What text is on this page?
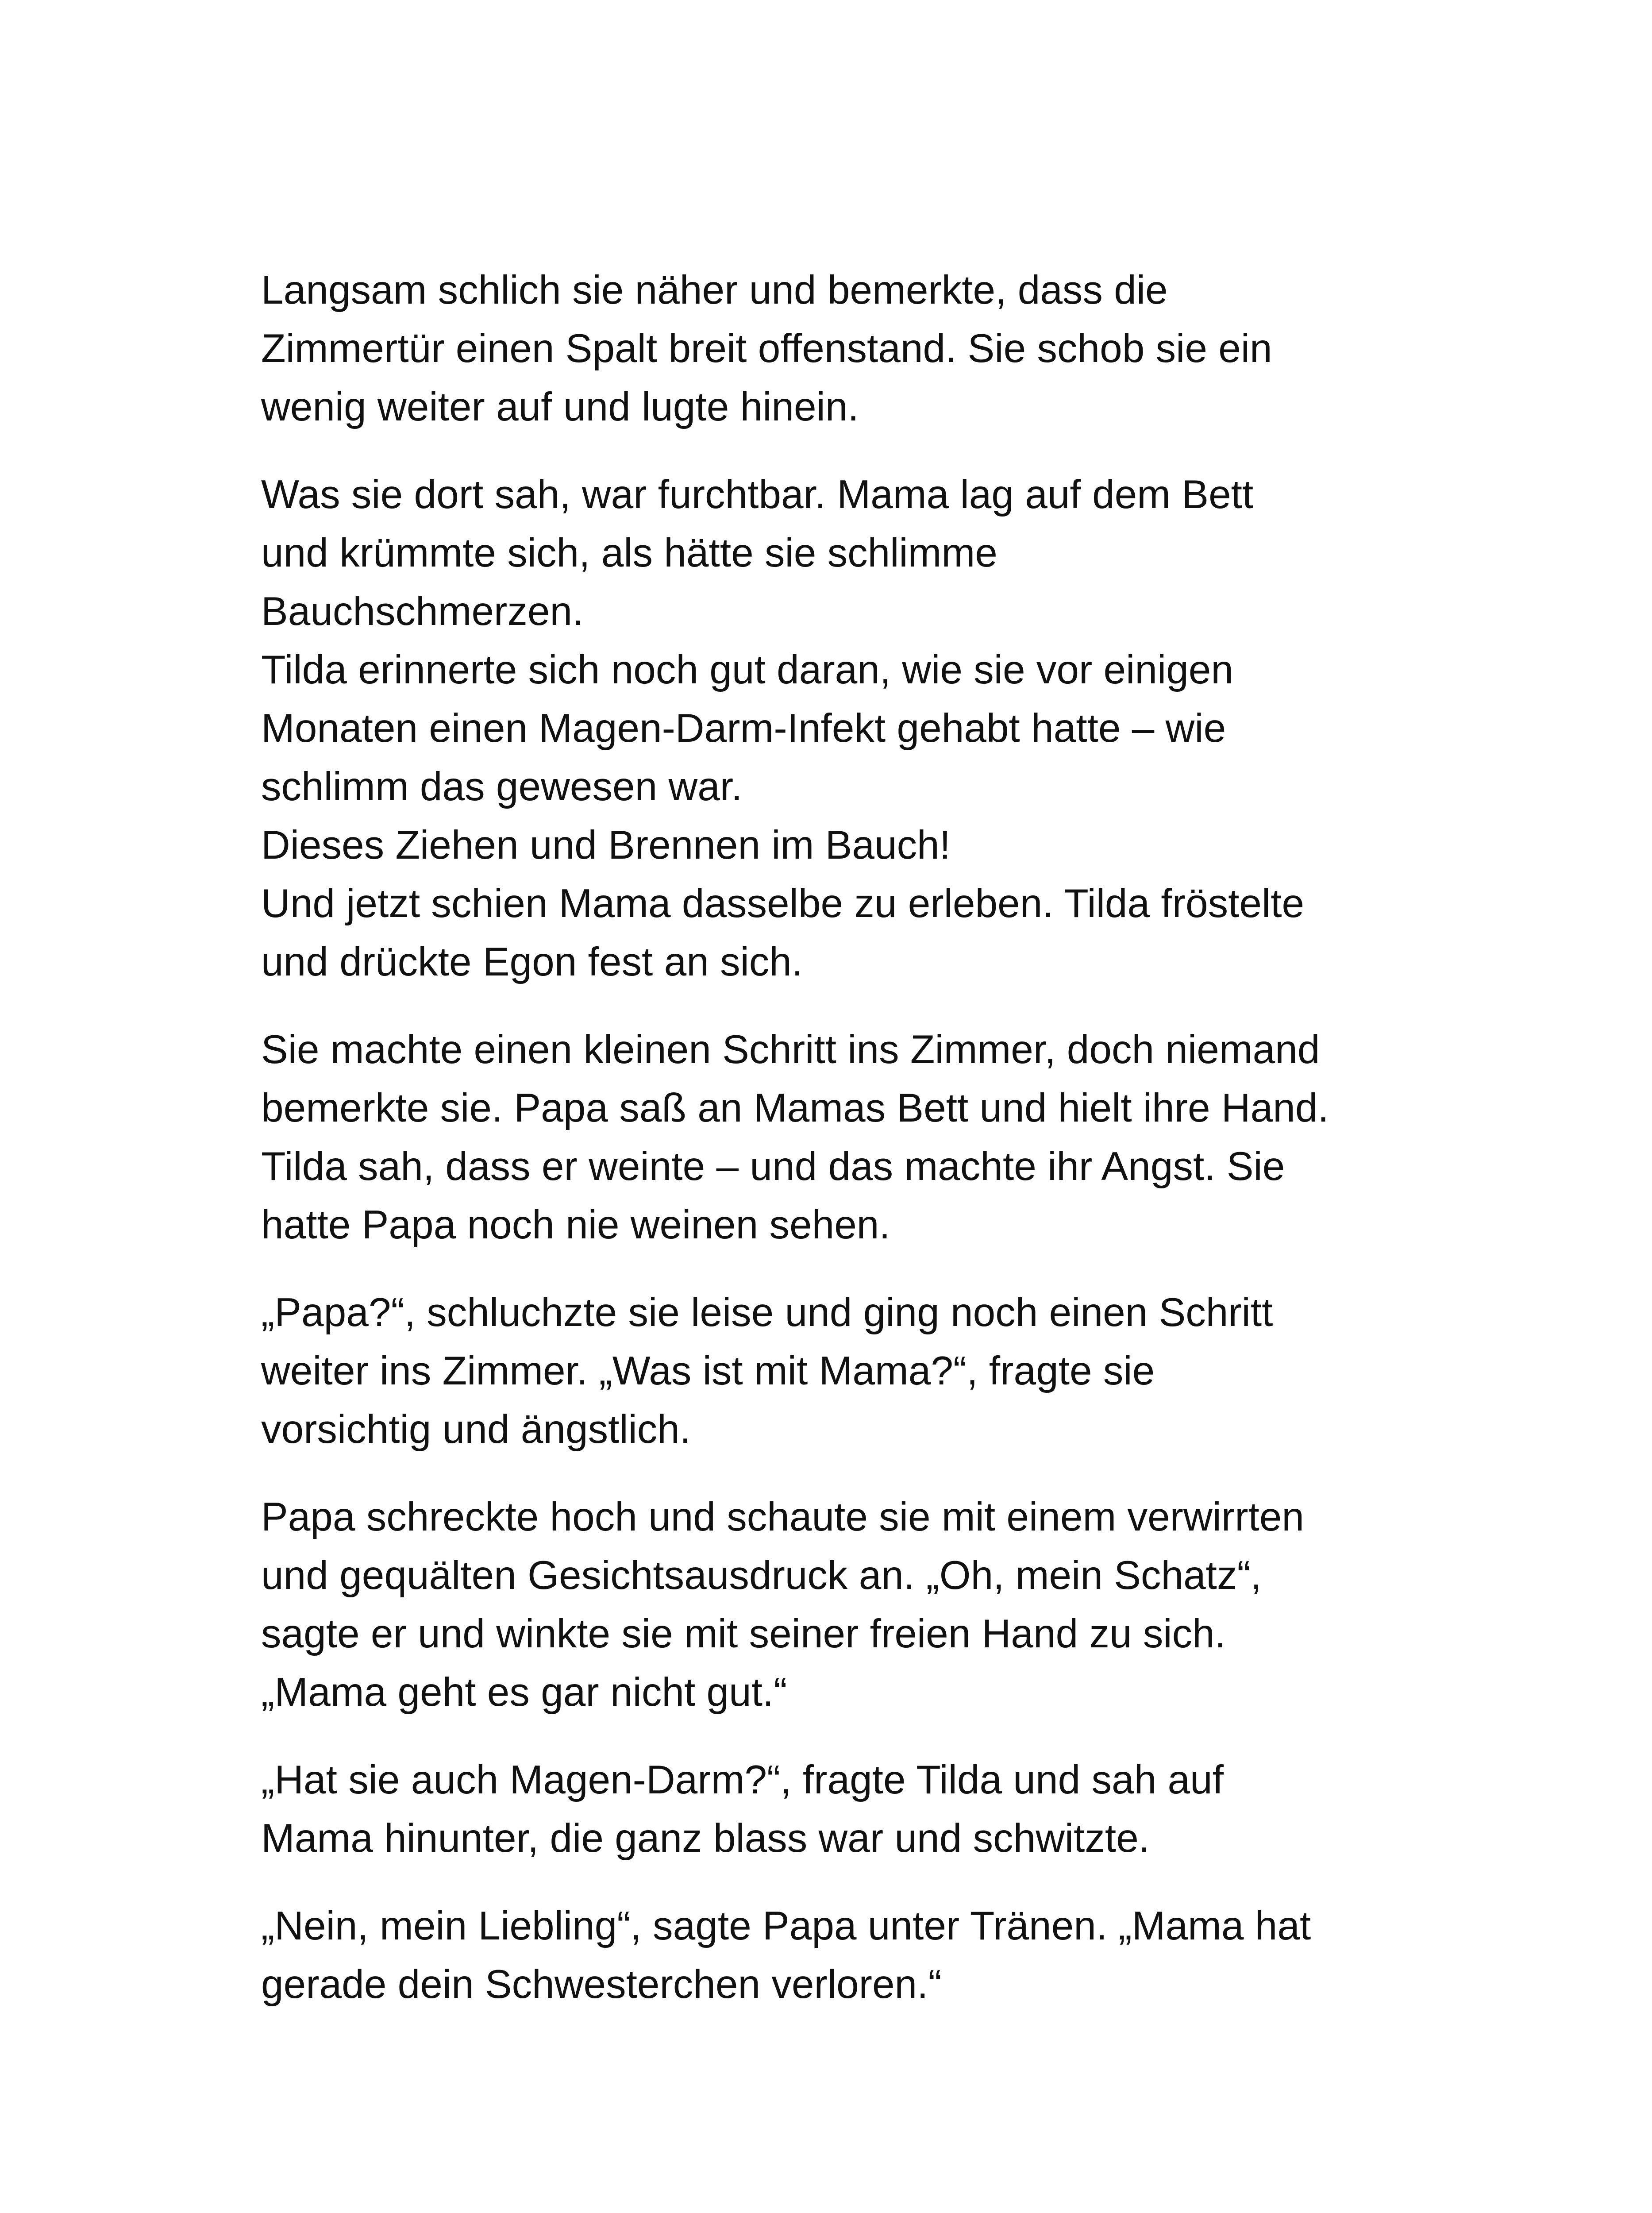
Langsam schlich sie näher und bemerkte, dass die
Zimmertür einen Spalt breit offenstand. Sie schob sie ein
wenig weiter auf und lugte hinein.

Was sie dort sah, war furchtbar. Mama lag auf dem Bett
und krümmte sich, als hätte sie schlimme
Bauchschmerzen.
Tilda erinnerte sich noch gut daran, wie sie vor einigen
Monaten einen Magen-Darm-Infekt gehabt hatte – wie
schlimm das gewesen war.
Dieses Ziehen und Brennen im Bauch!
Und jetzt schien Mama dasselbe zu erleben. Tilda fröstelte
und drückte Egon fest an sich.

Sie machte einen kleinen Schritt ins Zimmer, doch niemand
bemerkte sie. Papa saß an Mamas Bett und hielt ihre Hand.
Tilda sah, dass er weinte – und das machte ihr Angst. Sie
hatte Papa noch nie weinen sehen.

„Papa?“, schluchzte sie leise und ging noch einen Schritt
weiter ins Zimmer. „Was ist mit Mama?“, fragte sie
vorsichtig und ängstlich.

Papa schreckte hoch und schaute sie mit einem verwirrten
und gequälten Gesichtsausdruck an. „Oh, mein Schatz“,
sagte er und winkte sie mit seiner freien Hand zu sich.
„Mama geht es gar nicht gut.“

„Hat sie auch Magen-Darm?“, fragte Tilda und sah auf
Mama hinunter, die ganz blass war und schwitzte.

„Nein, mein Liebling“, sagte Papa unter Tränen. „Mama hat
gerade dein Schwesterchen verloren.“
